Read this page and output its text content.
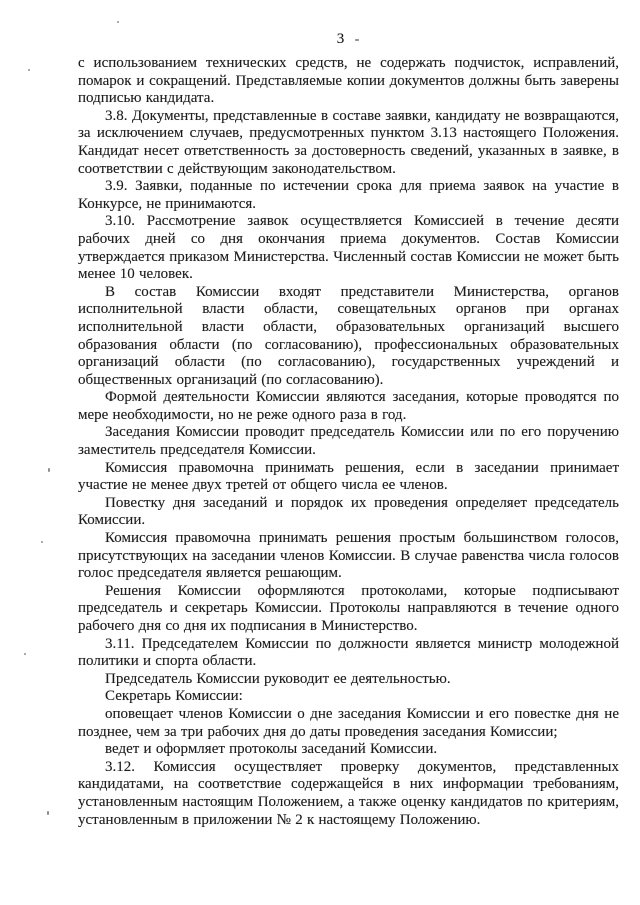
3

с использованием технических средств, не содержать подчисток, исправлений, помарок и сокращений. Представляемые копии документов должны быть заверены подписью кандидата.

3.8. Документы, представленные в составе заявки, кандидату не возвращаются, за исключением случаев, предусмотренных пунктом 3.13 настоящего Положения. Кандидат несет ответственность за достоверность сведений, указанных в заявке, в соответствии с действующим законодательством.

3.9. Заявки, поданные по истечении срока для приема заявок на участие в Конкурсе, не принимаются.

3.10. Рассмотрение заявок осуществляется Комиссией в течение десяти рабочих дней со дня окончания приема документов. Состав Комиссии утверждается приказом Министерства. Численный состав Комиссии не может быть менее 10 человек.

В состав Комиссии входят представители Министерства, органов исполнительной власти области, совещательных органов при органах исполнительной власти области, образовательных организаций высшего образования области (по согласованию), профессиональных образовательных организаций области (по согласованию), государственных учреждений и общественных организаций (по согласованию).

Формой деятельности Комиссии являются заседания, которые проводятся по мере необходимости, но не реже одного раза в год.

Заседания Комиссии проводит председатель Комиссии или по его поручению заместитель председателя Комиссии.

Комиссия правомочна принимать решения, если в заседании принимает участие не менее двух третей от общего числа ее членов.

Повестку дня заседаний и порядок их проведения определяет председатель Комиссии.

Комиссия правомочна принимать решения простым большинством голосов, присутствующих на заседании членов Комиссии. В случае равенства числа голосов голос председателя является решающим.

Решения Комиссии оформляются протоколами, которые подписывают председатель и секретарь Комиссии. Протоколы направляются в течение одного рабочего дня со дня их подписания в Министерство.

3.11. Председателем Комиссии по должности является министр молодежной политики и спорта области.

Председатель Комиссии руководит ее деятельностью.

Секретарь Комиссии:

оповещает членов Комиссии о дне заседания Комиссии и его повестке дня не позднее, чем за три рабочих дня до даты проведения заседания Комиссии;

ведет и оформляет протоколы заседаний Комиссии.

3.12. Комиссия осуществляет проверку документов, представленных кандидатами, на соответствие содержащейся в них информации требованиям, установленным настоящим Положением, а также оценку кандидатов по критериям, установленным в приложении № 2 к настоящему Положению.
